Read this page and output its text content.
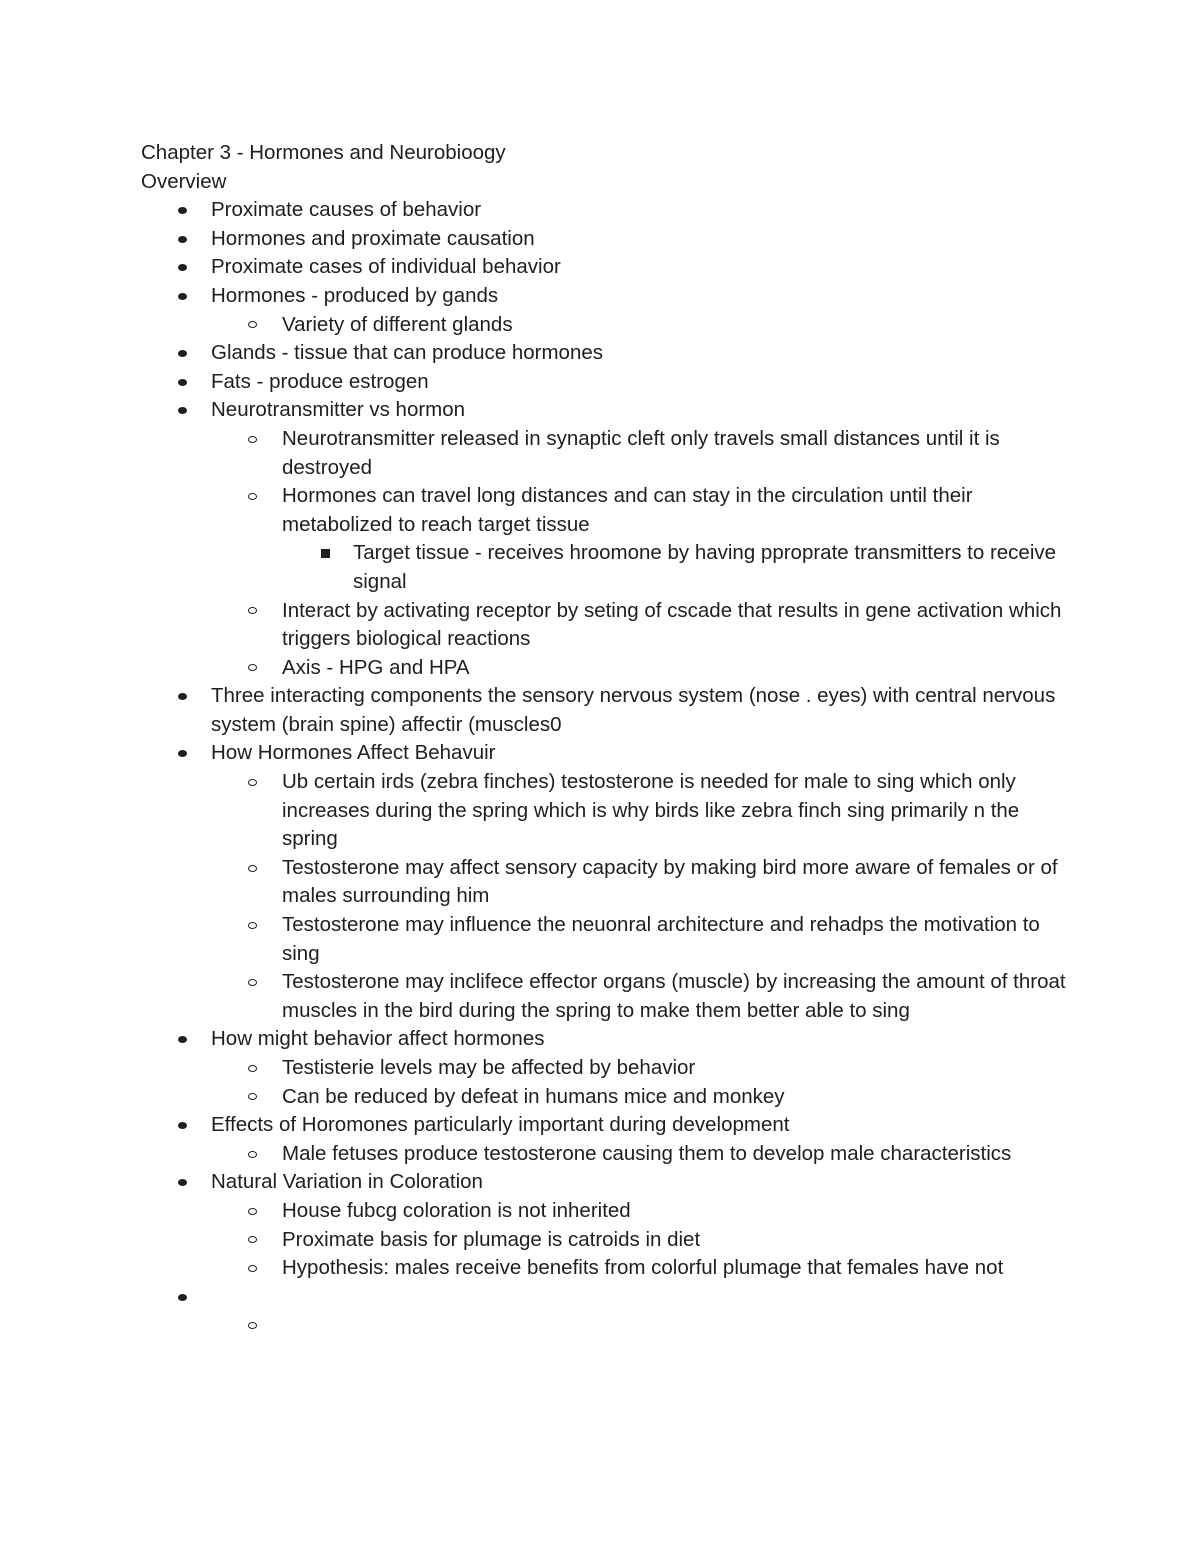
Chapter 3 - Hormones and Neurobioogy
Overview
Proximate causes of behavior
Hormones and proximate causation
Proximate cases of individual behavior
Hormones - produced by gands
Variety of different glands
Glands - tissue that can produce hormones
Fats - produce estrogen
Neurotransmitter vs hormon
Neurotransmitter released in synaptic cleft only travels small distances until it is destroyed
Hormones can travel long distances and can stay in the circulation until their metabolized to reach target tissue
Target tissue - receives hroomone by having pproprate transmitters to receive signal
Interact by activating receptor by seting of cscade that results in gene activation which triggers biological reactions
Axis - HPG and HPA
Three interacting components the sensory nervous system (nose . eyes) with central nervous system (brain spine) affectir (muscles0
How Hormones Affect Behavuir
Ub certain irds (zebra finches) testosterone is needed for male to sing which only increases during the spring which is why birds like zebra finch sing primarily n the spring
Testosterone may affect sensory capacity by making bird more aware of females or of males surrounding him
Testosterone may influence the neuonral architecture and rehadps the motivation to sing
Testosterone may inclifece effector organs (muscle) by increasing the amount of throat muscles in the bird during the spring to make them better able to sing
How might behavior affect hormones
Testisterie levels may be affected by behavior
Can be reduced by defeat in humans mice and monkey
Effects of Horomones particularly important during development
Male fetuses produce testosterone causing them to develop male characteristics
Natural Variation in Coloration
House fubcg coloration is not inherited
Proximate basis for plumage is catroids in diet
Hypothesis: males receive benefits from colorful plumage that females have not
